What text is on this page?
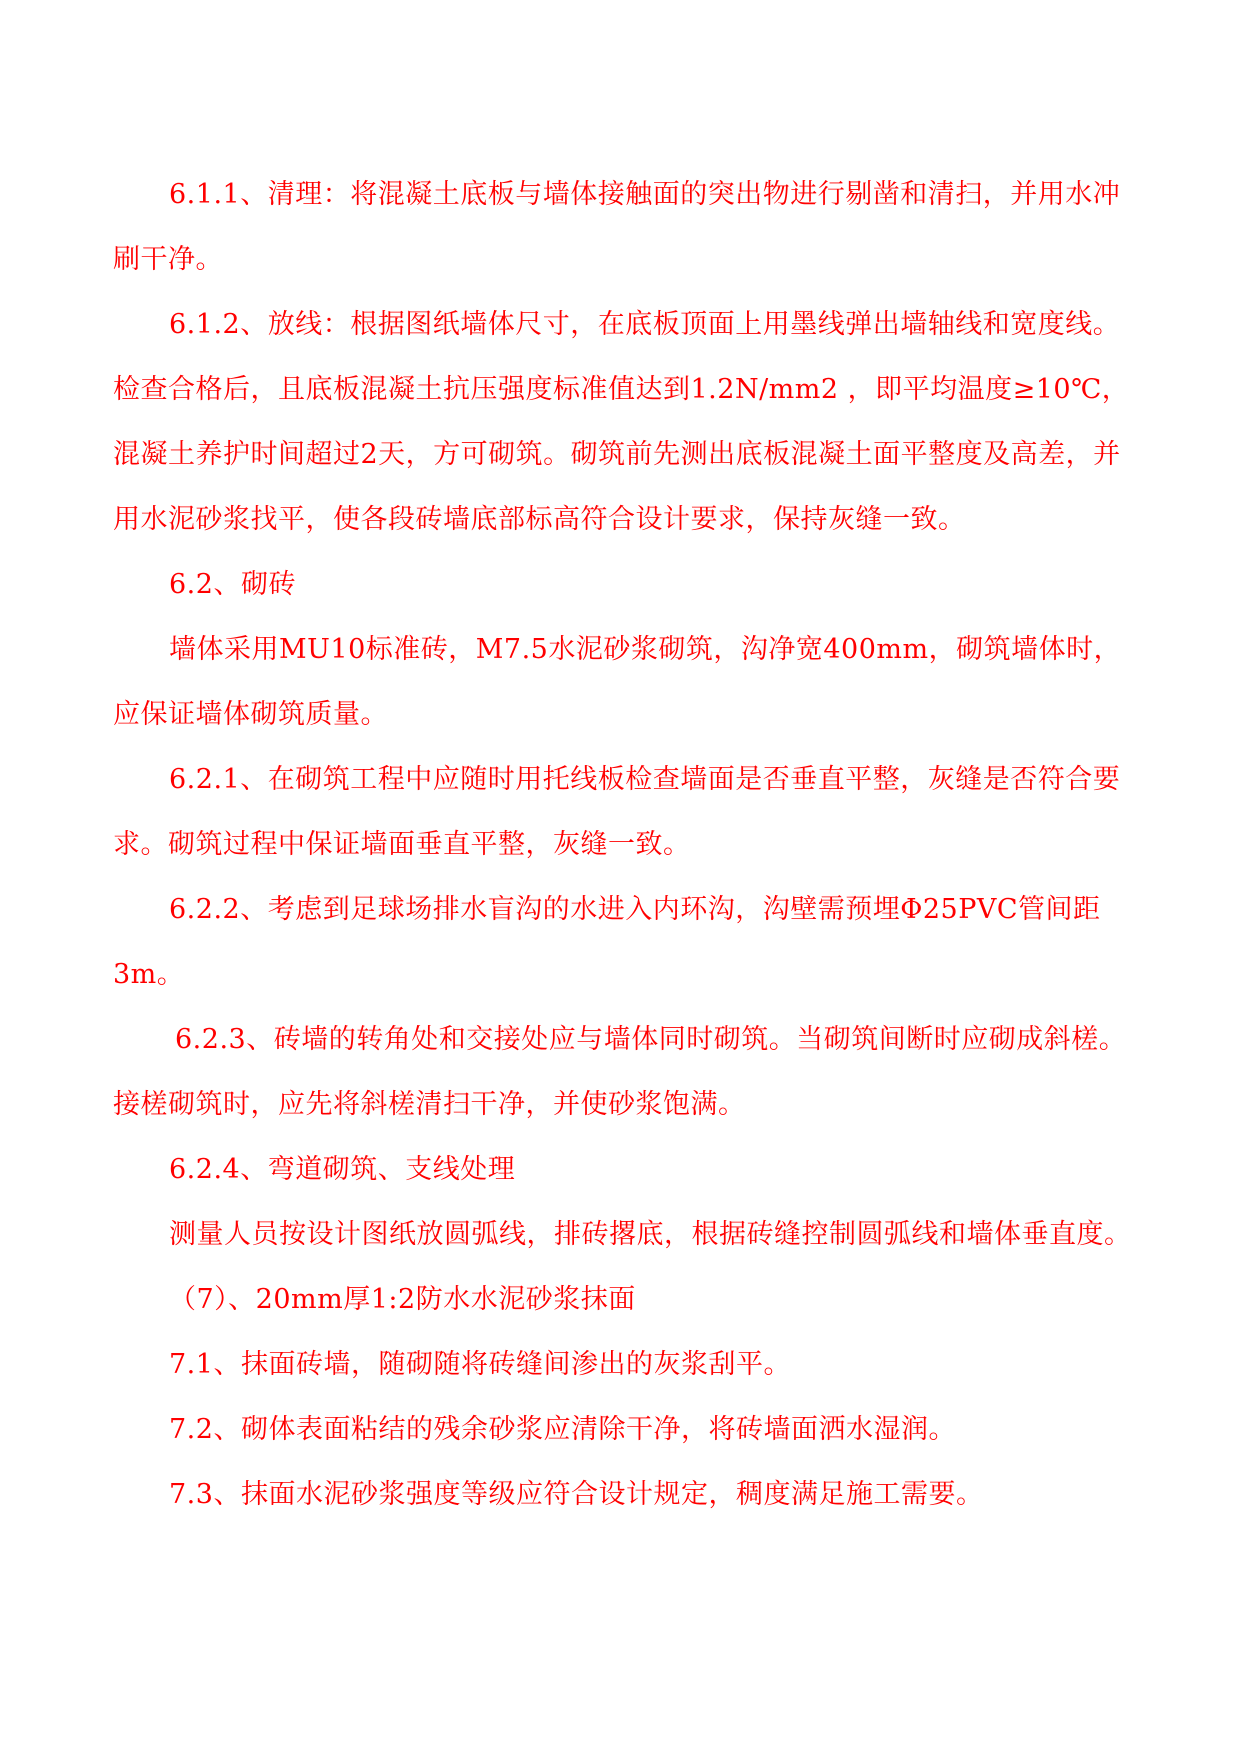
6.1.1、清理：将混凝土底板与墙体接触面的突出物进行剔凿和清扫，并用水冲刷干净。

6.1.2、放线：根据图纸墙体尺寸，在底板顶面上用墨线弹出墙轴线和宽度线。检查合格后，且底板混凝土抗压强度标准值达到1.2N/mm2 ，即平均温度≥10℃，混凝土养护时间超过2天，方可砌筑。砌筑前先测出底板混凝土面平整度及高差，并用水泥砂浆找平，使各段砖墙底部标高符合设计要求，保持灰缝一致。

6.2、砌砖

墙体采用MU10标准砖，M7.5水泥砂浆砌筑，沟净宽400mm，砌筑墙体时，应保证墙体砌筑质量。

6.2.1、在砌筑工程中应随时用托线板检查墙面是否垂直平整，灰缝是否符合要求。砌筑过程中保证墙面垂直平整，灰缝一致。

6.2.2、考虑到足球场排水盲沟的水进入内环沟，沟壁需预埋Φ25PVC管间距3m。

6.2.3、砖墙的转角处和交接处应与墙体同时砌筑。当砌筑间断时应砌成斜槎。接槎砌筑时，应先将斜槎清扫干净，并使砂浆饱满。

6.2.4、弯道砌筑、支线处理

测量人员按设计图纸放圆弧线，排砖撂底，根据砖缝控制圆弧线和墙体垂直度。

（7）、20mm厚1:2防水水泥砂浆抹面

7.1、抹面砖墙，随砌随将砖缝间渗出的灰浆刮平。

7.2、砌体表面粘结的残余砂浆应清除干净，将砖墙面洒水湿润。

7.3、抹面水泥砂浆强度等级应符合设计规定，稠度满足施工需要。
